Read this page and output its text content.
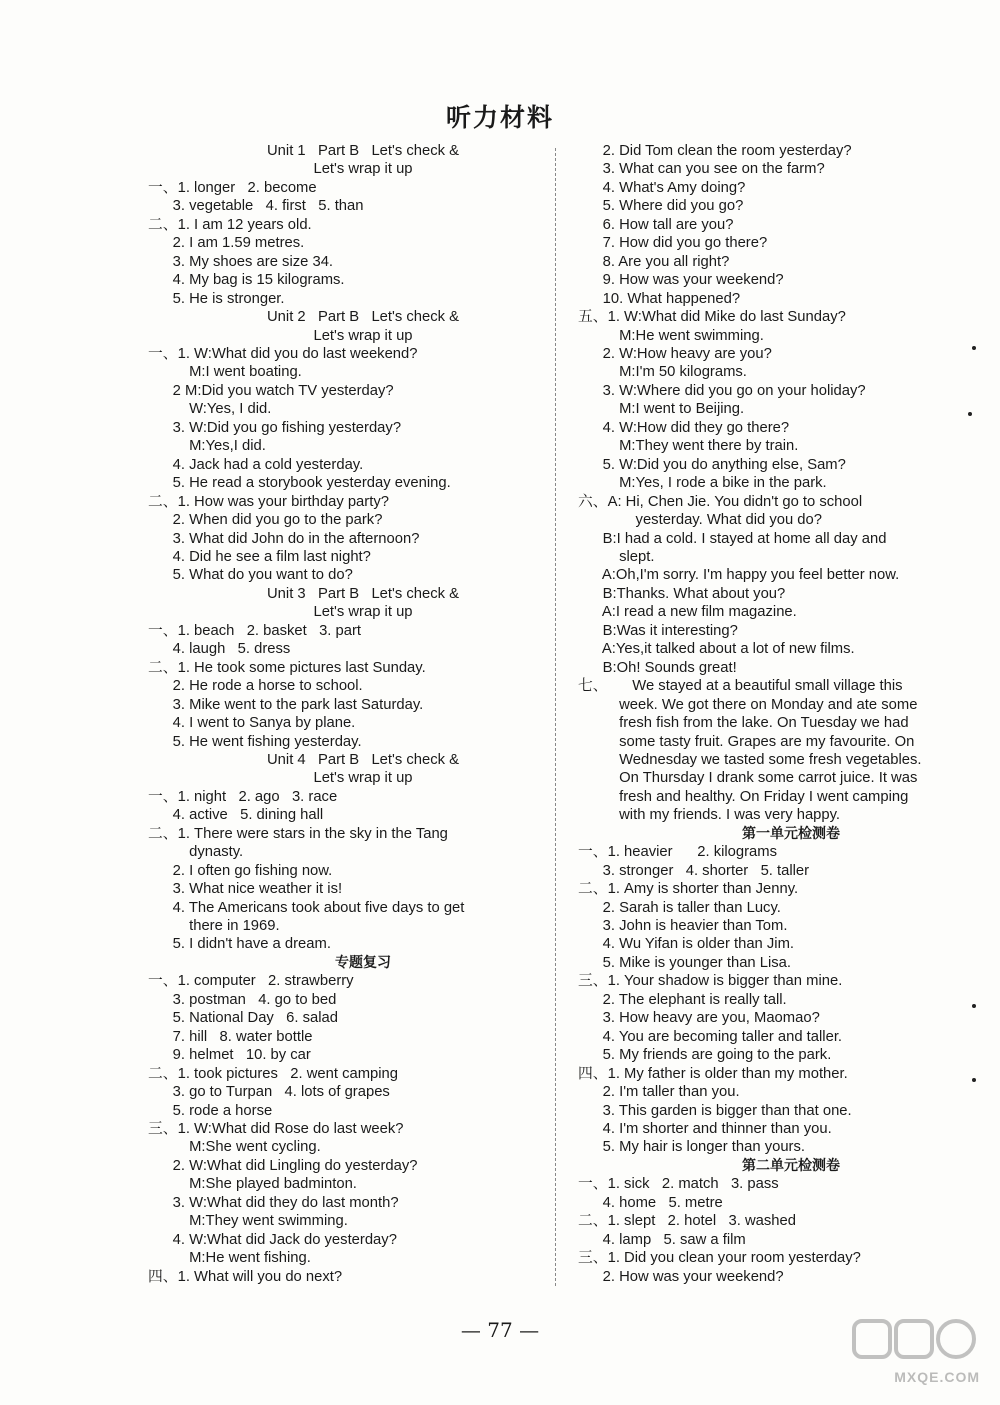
听力材料
Unit 1   Part B   Let's check &
Let's wrap it up
一、1. longer   2. become
3. vegetable   4. first   5. than
二、1. I am 12 years old.
2. I am 1.59 metres.
3. My shoes are size 34.
4. My bag is 15 kilograms.
5. He is stronger.
Unit 2   Part B   Let's check &
Let's wrap it up
一、1. W:What did you do last weekend?
M:I went boating.
2 M:Did you watch TV yesterday?
W:Yes, I did.
3. W:Did you go fishing yesterday?
M:Yes,I did.
4. Jack had a cold yesterday.
5. He read a storybook yesterday evening.
二、1. How was your birthday party?
2. When did you go to the park?
3. What did John do in the afternoon?
4. Did he see a film last night?
5. What do you want to do?
Unit 3   Part B   Let's check &
Let's wrap it up
一、1. beach   2. basket   3. part
4. laugh   5. dress
二、1. He took some pictures last Sunday.
2. He rode a horse to school.
3. Mike went to the park last Saturday.
4. I went to Sanya by plane.
5. He went fishing yesterday.
Unit 4   Part B   Let's check &
Let's wrap it up
一、1. night   2. ago   3. race
4. active   5. dining hall
二、1. There were stars in the sky in the Tang
dynasty.
2. I often go fishing now.
3. What nice weather it is!
4. The Americans took about five days to get
there in 1969.
5. I didn't have a dream.
专题复习
一、1. computer   2. strawberry
3. postman   4. go to bed
5. National Day   6. salad
7. hill   8. water bottle
9. helmet   10. by car
二、1. took pictures   2. went camping
3. go to Turpan   4. lots of grapes
5. rode a horse
三、1. W:What did Rose do last week?
M:She went cycling.
2. W:What did Lingling do yesterday?
M:She played badminton.
3. W:What did they do last month?
M:They went swimming.
4. W:What did Jack do yesterday?
M:He went fishing.
四、1. What will you do next?
2. Did Tom clean the room yesterday?
3. What can you see on the farm?
4. What's Amy doing?
5. Where did you go?
6. How tall are you?
7. How did you go there?
8. Are you all right?
9. How was your weekend?
10. What happened?
五、1. W:What did Mike do last Sunday?
M:He went swimming.
2. W:How heavy are you?
M:I'm 50 kilograms.
3. W:Where did you go on your holiday?
M:I went to Beijing.
4. W:How did they go there?
M:They went there by train.
5. W:Did you do anything else, Sam?
M:Yes, I rode a bike in the park.
六、A: Hi, Chen Jie. You didn't go to school
yesterday. What did you do?
B:I had a cold. I stayed at home all day and
slept.
A:Oh,I'm sorry. I'm happy you feel better now.
B:Thanks. What about you?
A:I read a new film magazine.
B:Was it interesting?
A:Yes,it talked about a lot of new films.
B:Oh! Sounds great!
七、      We stayed at a beautiful small village this
week. We got there on Monday and ate some
fresh fish from the lake. On Tuesday we had
some tasty fruit. Grapes are my favourite. On
Wednesday we tasted some fresh vegetables.
On Thursday I drank some carrot juice. It was
fresh and healthy. On Friday I went camping
with my friends. I was very happy.
第一单元检测卷
一、1. heavier      2. kilograms
3. stronger   4. shorter   5. taller
二、1. Amy is shorter than Jenny.
2. Sarah is taller than Lucy.
3. John is heavier than Tom.
4. Wu Yifan is older than Jim.
5. Mike is younger than Lisa.
三、1. Your shadow is bigger than mine.
2. The elephant is really tall.
3. How heavy are you, Maomao?
4. You are becoming taller and taller.
5. My friends are going to the park.
四、1. My father is older than my mother.
2. I'm taller than you.
3. This garden is bigger than that one.
4. I'm shorter and thinner than you.
5. My hair is longer than yours.
第二单元检测卷
一、1. sick   2. match   3. pass
4. home   5. metre
二、1. slept   2. hotel   3. washed
4. lamp   5. saw a film
三、1. Did you clean your room yesterday?
2. How was your weekend?
— 77 —
MXQE.COM
